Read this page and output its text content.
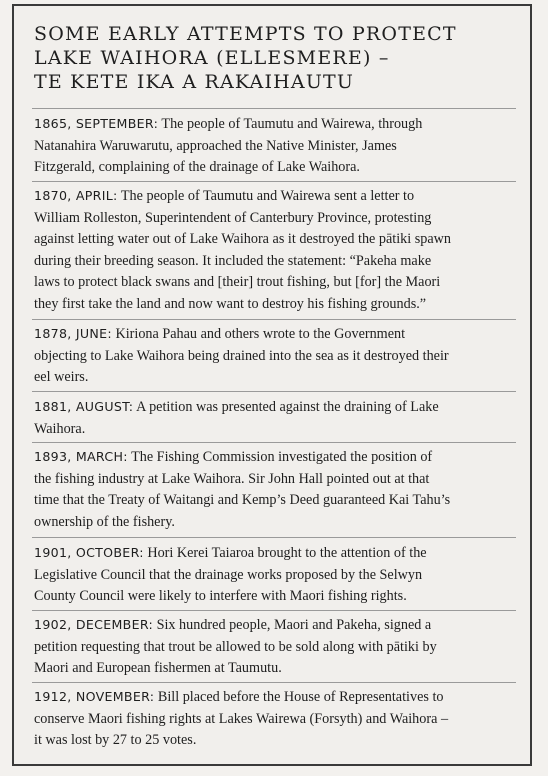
SOME EARLY ATTEMPTS TO PROTECT
LAKE WAIHORA (ELLESMERE) –
TE KETE IKA A RAKAIHAUTU
1865, SEPTEMBER: The people of Taumutu and Wairewa, through
Natanahira Waruwarutu, approached the Native Minister, James
Fitzgerald, complaining of the drainage of Lake Waihora.
1870, APRIL: The people of Taumutu and Wairewa sent a letter to
William Rolleston, Superintendent of Canterbury Province, protesting
against letting water out of Lake Waihora as it destroyed the pātiki spawn
during their breeding season. It included the statement: “Pakeha make
laws to protect black swans and [their] trout fishing, but [for] the Maori
they first take the land and now want to destroy his fishing grounds.”
1878, JUNE: Kiriona Pahau and others wrote to the Government
objecting to Lake Waihora being drained into the sea as it destroyed their
eel weirs.
1881, AUGUST: A petition was presented against the draining of Lake
Waihora.
1893, MARCH: The Fishing Commission investigated the position of
the fishing industry at Lake Waihora. Sir John Hall pointed out at that
time that the Treaty of Waitangi and Kemp’s Deed guaranteed Kai Tahu’s
ownership of the fishery.
1901, OCTOBER: Hori Kerei Taiaroa brought to the attention of the
Legislative Council that the drainage works proposed by the Selwyn
County Council were likely to interfere with Maori fishing rights.
1902, DECEMBER: Six hundred people, Maori and Pakeha, signed a
petition requesting that trout be allowed to be sold along with pātiki by
Maori and European fishermen at Taumutu.
1912, NOVEMBER: Bill placed before the House of Representatives to
conserve Maori fishing rights at Lakes Wairewa (Forsyth) and Waihora –
it was lost by 27 to 25 votes.
